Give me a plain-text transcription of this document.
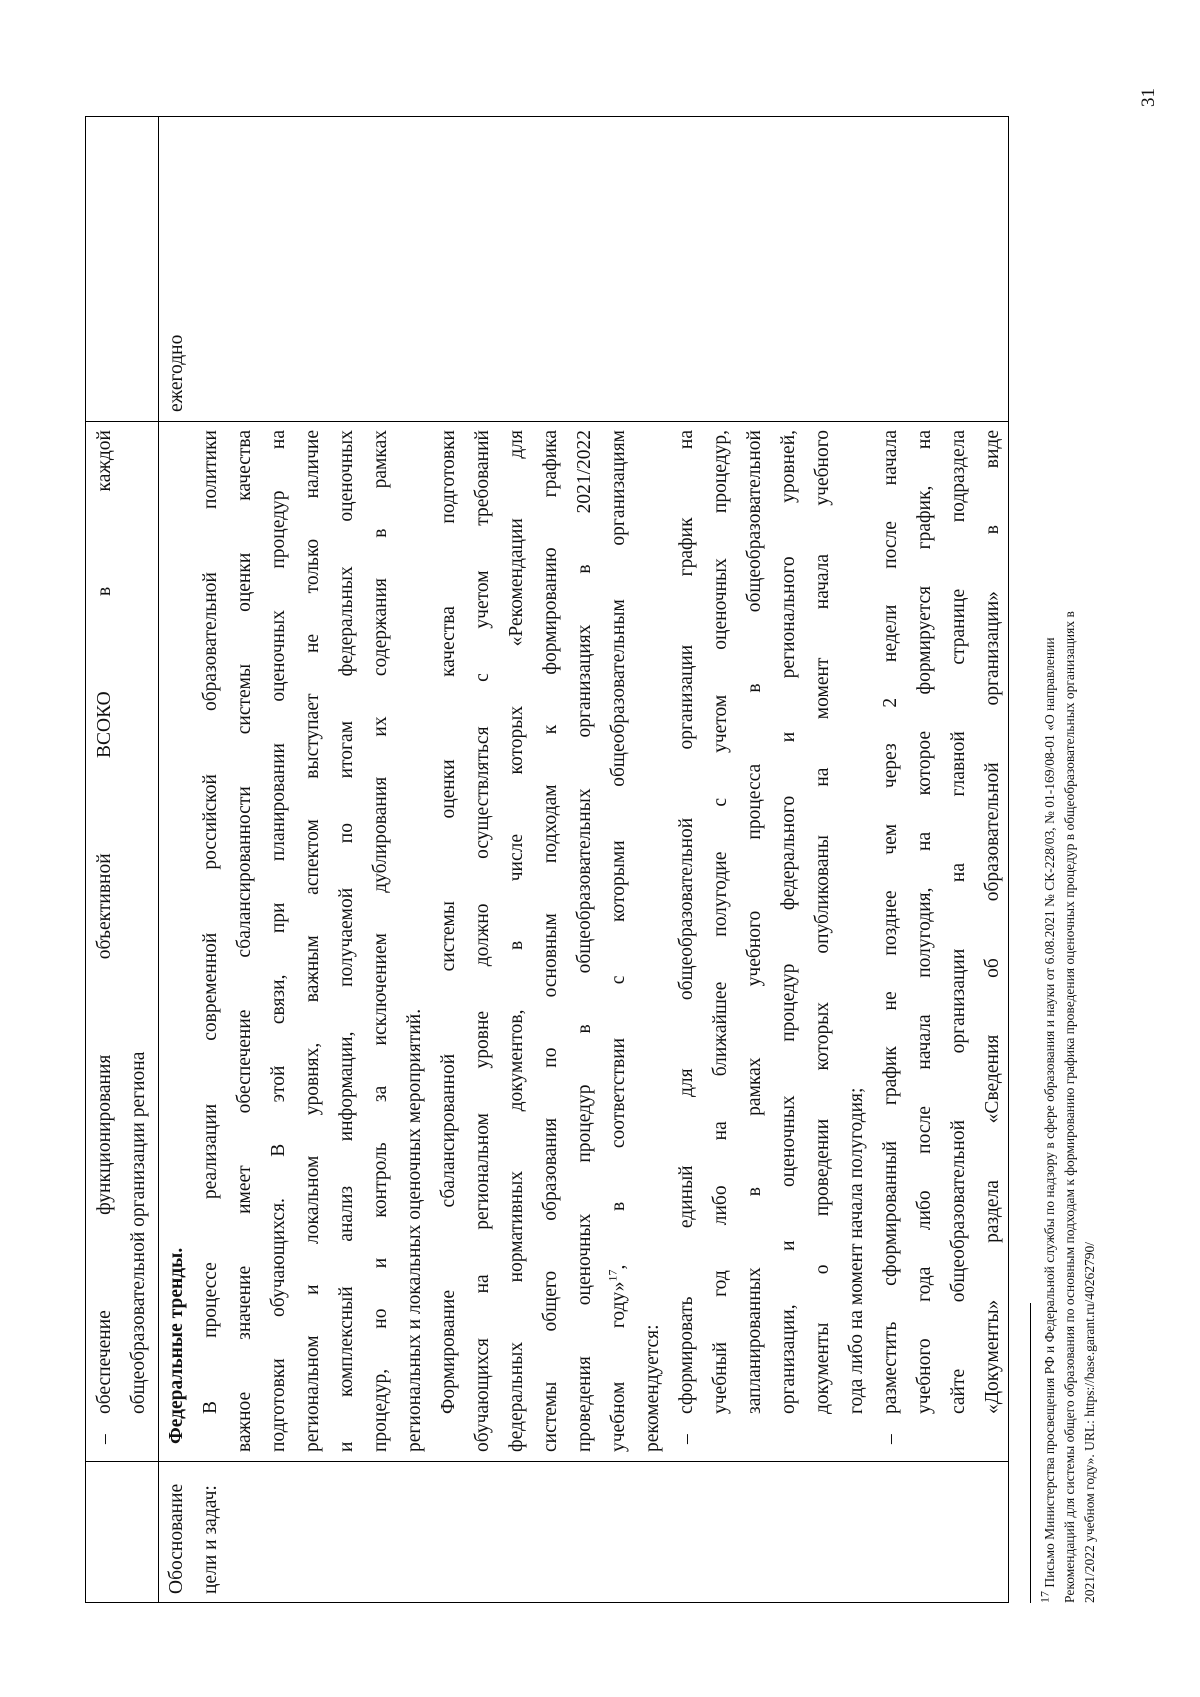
–
обеспечение
функционирования
объективной
ВСОКО
в
каждой
общеобразовательной организации региона
Обоснование цели и задач:
Федеральные тренды. В процессе реализации современной российской образовательной политики важное значение имеет обеспечение сбалансированности системы оценки качества подготовки обучающихся. В этой связи, при планировании оценочных процедур на региональном и локальном уровнях, важным аспектом выступает не только наличие и комплексный анализ информации, получаемой по итогам федеральных оценочных процедур, но и контроль за исключением дублирования их содержания в рамках региональных и локальных оценочных мероприятий. Формирование сбалансированной системы оценки качества подготовки обучающихся на региональном уровне должно осуществляться с учетом требований федеральных нормативных документов, в числе которых «Рекомендации для системы общего образования по основным подходам к формированию графика проведения оценочных процедур в общеобразовательных организациях в 2021/2022 учебном году»$^{17}$, в соответствии с которыми общеобразовательным организациям
рекомендуется: –
сформировать единый для общеобразовательной организации график на учебный год либо на ближайшее полугодие с учетом оценочных процедур, запланированных в рамках учебного процесса в общеобразовательной организации, и оценочных процедур федерального и регионального уровней, документы о проведении которых опубликованы на момент начала учебного года либо на момент начала полугодия;
–
разместить сформированный график не позднее чем через 2 недели после начала учебного года либо после начала полугодия, на которое формируется график, на сайте общеобразовательной организации на главной странице подраздела «Документы» раздела «Сведения об образовательной организации» в виде
ежегодно
$^{17}$ Письмо Министерства просвещения РФ и Федеральной службы по надзору в сфере образования и науки от 6.08.2021 № СК-228/03, № 01-169/08-01 «О направлении Рекомендаций для системы общего образования по основным подходам к формированию графика проведения оценочных процедур в общеобразовательных организациях в 2021/2022 учебном году». URL: https://base.garant.ru/40262790/
31
